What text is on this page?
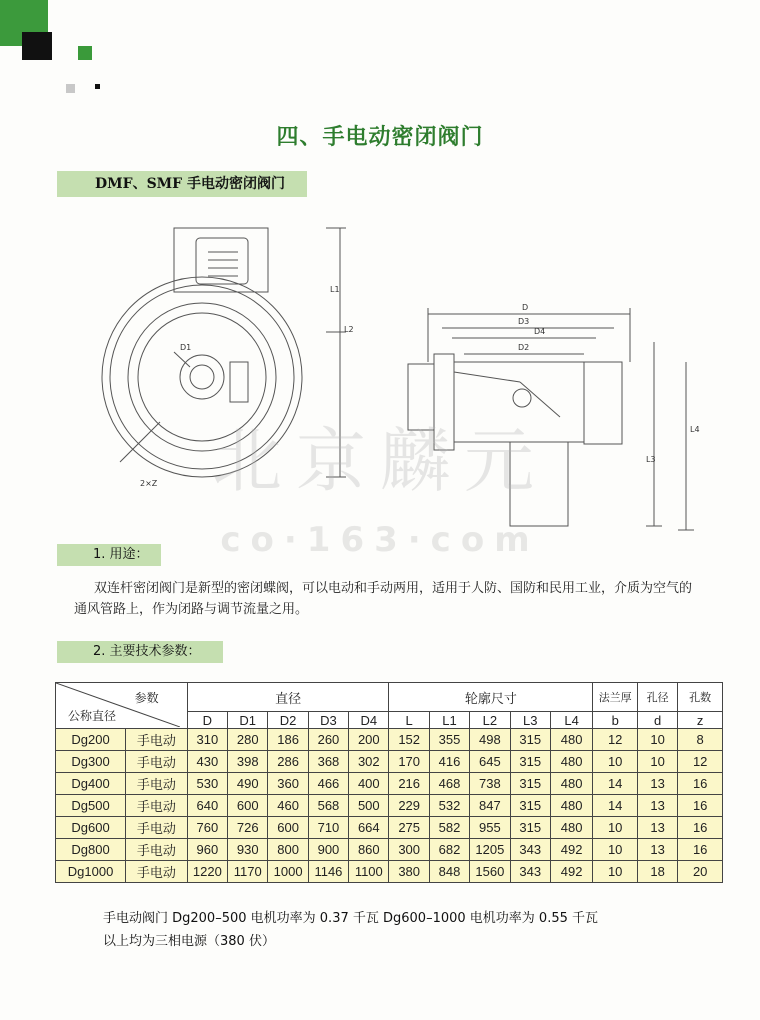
四、手电动密闭阀门
DMF、SMF 手电动密闭阀门
L1
L2
D1
2×Z
D
D3
D4
D2
L3
L4
北京麟元
co·163·com
1. 用途：
双连杆密闭阀门是新型的密闭蝶阀，可以电动和手动两用，适用于人防、国防和民用工业，介质为空气的通风管路上，作为闭路与调节流量之用。
2. 主要技术参数：
参数
公称直径		直径					轮廓尺寸					法兰厚	孔径	孔数
		D	D1	D2	D3	D4	L	L1	L2	L3	L4	b	d	z
Dg200	手电动	310	280	186	260	200	152	355	498	315	480	12	10	8
Dg300	手电动	430	398	286	368	302	170	416	645	315	480	10	10	12
Dg400	手电动	530	490	360	466	400	216	468	738	315	480	14	13	16
Dg500	手电动	640	600	460	568	500	229	532	847	315	480	14	13	16
Dg600	手电动	760	726	600	710	664	275	582	955	315	480	10	13	16
Dg800	手电动	960	930	800	900	860	300	682	1205	343	492	10	13	16
Dg1000	手电动	1220	1170	1000	1146	1100	380	848	1560	343	492	10	18	20
手电动阀门 Dg200–500 电机功率为 0.37 千瓦 Dg600–1000 电机功率为 0.55 千瓦
以上均为三相电源（380 伏）
